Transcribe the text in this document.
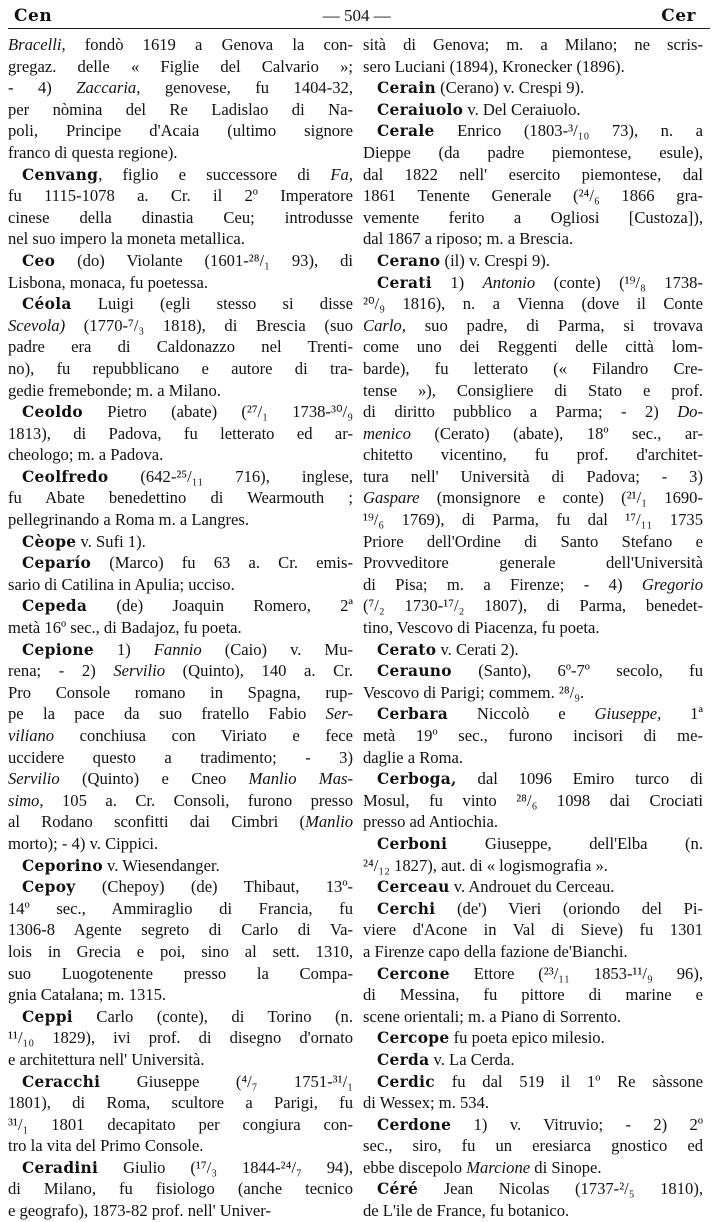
Cen	— 504 —	Cer
Bracelli, fondò 1619 a Genova la con-
gregaz. delle « Figlie del Calvario »;
- 4) Zaccaria, genovese, fu 1404-32,
per nòmina del Re Ladislao di Na-
poli, Principe d'Acaia (ultimo signore
franco di questa regione).
Cenvang, figlio e successore di Fa,
fu 1115-1078 a. Cr. il 2º Imperatore
cinese della dinastia Ceu; introdusse
nel suo impero la moneta metallica.
Ceo (do) Violante (1601-²⁸/₁ 93), di
Lisbona, monaca, fu poetessa.
Céola Luigi (egli stesso si disse
Scevola) (1770-⁷/₃ 1818), di Brescia (suo
padre era di Caldonazzo nel Trenti-
no), fu repubblicano e autore di tra-
gedie fremebonde; m. a Milano.
Ceoldo Pietro (abate) (²⁷/₁ 1738-³⁰/₉
1813), di Padova, fu letterato ed ar-
cheologo; m. a Padova.
Ceolfredo (642-²⁵/₁₁ 716), inglese,
fu Abate benedettino di Wearmouth ;
pellegrinando a Roma m. a Langres.
Cèope v. Sufi 1).
Ceparío (Marco) fu 63 a. Cr. emis-
sario di Catilina in Apulia; ucciso.
Cepeda (de) Joaquin Romero, 2ª
metà 16º sec., di Badajoz, fu poeta.
Cepione 1) Fannio (Caio) v. Mu-
rena; - 2) Servilio (Quinto), 140 a. Cr.
Pro Console romano in Spagna, rup-
pe la pace da suo fratello Fabio Ser-
viliano conchiusa con Viriato e fece
uccidere questo a tradimento; - 3)
Servilio (Quinto) e Cneo Manlio Mas-
simo, 105 a. Cr. Consoli, furono presso
al Rodano sconfitti dai Cimbri (Manlio
morto); - 4) v. Cippici.
Ceporino v. Wiesendanger.
Cepoy (Chepoy) (de) Thibaut, 13º-
14º sec., Ammiraglio di Francia, fu
1306-8 Agente segreto di Carlo di Va-
lois in Grecia e poi, sino al sett. 1310,
suo Luogotenente presso la Compa-
gnia Catalana; m. 1315.
Ceppi Carlo (conte), di Torino (n.
¹¹/₁₀ 1829), ivi prof. di disegno d'ornato
e architettura nell' Università.
Ceracchi Giuseppe (⁴/₇ 1751-³¹/₁
1801), di Roma, scultore a Parigi, fu
³¹/₁ 1801 decapitato per congiura con-
tro la vita del Primo Console.
Ceradini Giulio (¹⁷/₃ 1844-²⁴/₇ 94),
di Milano, fu fisiologo (anche tecnico
e geografo), 1873-82 prof. nell' Univer-
sità di Genova; m. a Milano; ne scris-
sero Luciani (1894), Kronecker (1896).
Cerain (Cerano) v. Crespi 9).
Ceraiuolo v. Del Ceraiuolo.
Cerale Enrico (1803-³/₁₀ 73), n. a
Dieppe (da padre piemontese, esule),
dal 1822 nell' esercito piemontese, dal
1861 Tenente Generale (²⁴/₆ 1866 gra-
vemente ferito a Ogliosi [Custoza]),
dal 1867 a riposo; m. a Brescia.
Cerano (il) v. Crespi 9).
Cerati 1) Antonio (conte) (¹⁹/₈ 1738-
²⁰/₉ 1816), n. a Vienna (dove il Conte
Carlo, suo padre, di Parma, si trovava
come uno dei Reggenti delle città lom-
barde), fu letterato (« Filandro Cre-
tense »), Consigliere di Stato e prof.
di diritto pubblico a Parma; - 2) Do-
menico (Cerato) (abate), 18º sec., ar-
chitetto vicentino, fu prof. d'architet-
tura nell' Università di Padova; - 3)
Gaspare (monsignore e conte) (²¹/₁ 1690-
¹⁹/₆ 1769), di Parma, fu dal ¹⁷/₁₁ 1735
Priore dell'Ordine di Santo Stefano e
Provveditore generale dell'Università
di Pisa; m. a Firenze; - 4) Gregorio
(⁷/₂ 1730-¹⁷/₂ 1807), di Parma, benedet-
tino, Vescovo di Piacenza, fu poeta.
Cerato v. Cerati 2).
Ceraunо (Santo), 6º-7º secolo, fu
Vescovo di Parigi; commem. ²⁸/₉.
Cerbara Niccolò e Giuseppe, 1ª
metà 19º sec., furono incisori di me-
daglie a Roma.
Cerboga, dal 1096 Emiro turco di
Mosul, fu vinto ²⁸/₆ 1098 dai Crociati
presso ad Antiochia.
Cerboni Giuseppe, dell'Elba (n.
²⁴/₁₂ 1827), aut. di « logismografia ».
Cerceau v. Androuet du Cerceau.
Cerchi (de') Vieri (oriondo del Pi-
viere d'Acone in Val di Sieve) fu 1301
a Firenze capo della fazione de'Bianchi.
Cercone Ettore (²³/₁₁ 1853-¹¹/₉ 96),
di Messina, fu pittore di marine e
scene orientali; m. a Piano di Sorrento.
Cercope fu poeta epico milesio.
Cerda v. La Cerda.
Cerdic fu dal 519 il 1º Re sàssone
di Wessex; m. 534.
Cerdone 1) v. Vitruvio; - 2) 2º
sec., siro, fu un eresiarca gnostico ed
ebbe discepolo Marcione di Sinope.
Céré Jean Nicolas (1737-²/₅ 1810),
de L'ile de France, fu botanico.
